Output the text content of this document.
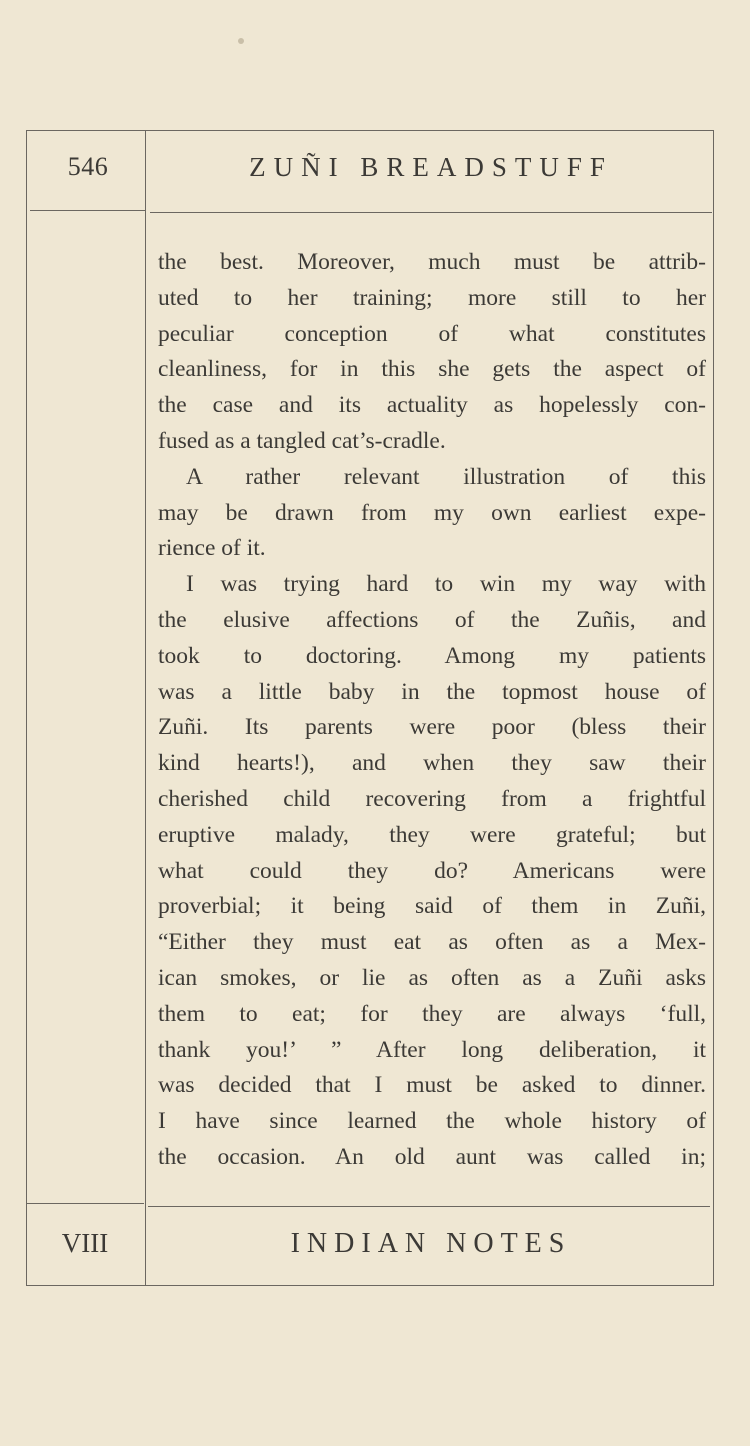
546	ZUÑI BREADSTUFF

the best. Moreover, much must be attrib-

uted to her training; more still to her

peculiar conception of what constitutes

cleanliness, for in this she gets the aspect of

the case and its actuality as hopelessly con-

fused as a tangled cat’s-cradle.

A rather relevant illustration of this

may be drawn from my own earliest expe-

rience of it.

I was trying hard to win my way with

the elusive affections of the Zuñis, and

took to doctoring. Among my patients

was a little baby in the topmost house of

Zuñi. Its parents were poor (bless their

kind hearts!), and when they saw their

cherished child recovering from a frightful

eruptive malady, they were grateful; but

what could they do? Americans were

proverbial; it being said of them in Zuñi,

“Either they must eat as often as a Mex-

ican smokes, or lie as often as a Zuñi asks

them to eat; for they are always ‘full,

thank you!’ ” After long deliberation, it

was decided that I must be asked to dinner.

I have since learned the whole history of

the occasion. An old aunt was called in;

VIII	INDIAN NOTES
